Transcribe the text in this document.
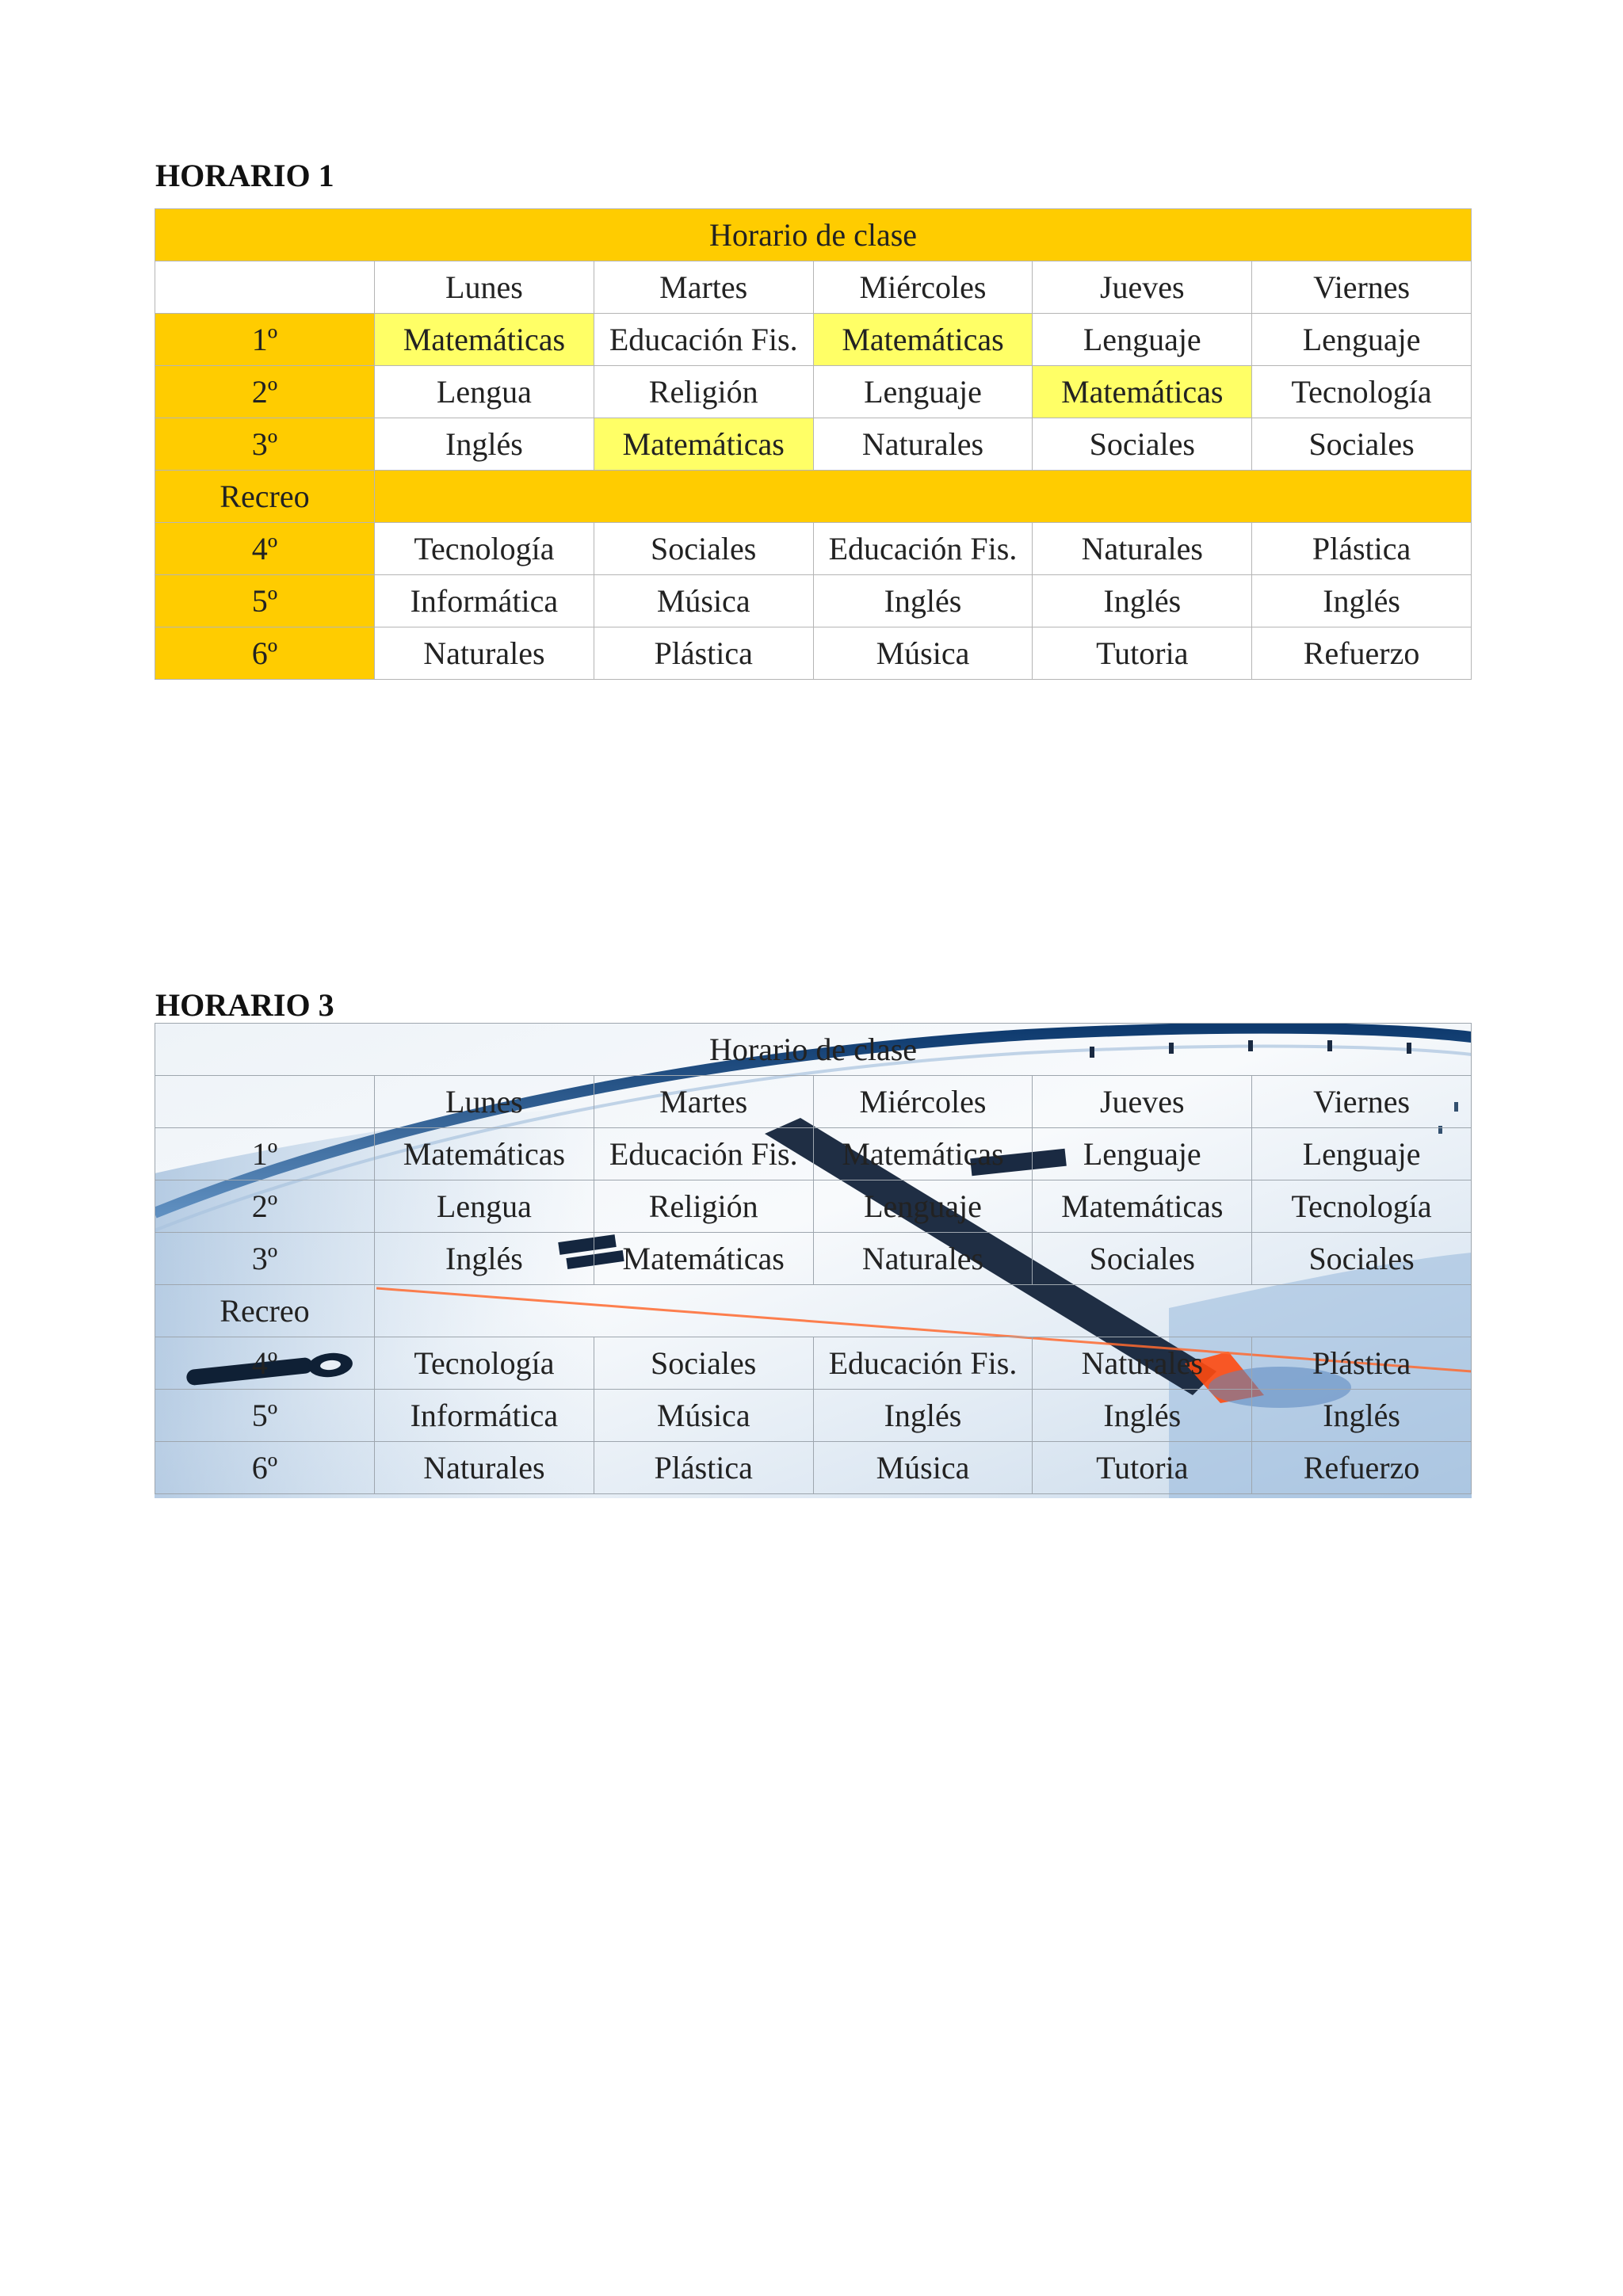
HORARIO 1
Horario de clase					
	Lunes	Martes	Miércoles	Jueves	Viernes
1º	Matemáticas	Educación Fis.	Matemáticas	Lenguaje	Lenguaje
2º	Lengua	Religión	Lenguaje	Matemáticas	Tecnología
3º	Inglés	Matemáticas	Naturales	Sociales	Sociales
Recreo					
4º	Tecnología	Sociales	Educación Fis.	Naturales	Plástica
5º	Informática	Música	Inglés	Inglés	Inglés
6º	Naturales	Plástica	Música	Tutoria	Refuerzo
HORARIO 3
Horario de clase					
	Lunes	Martes	Miércoles	Jueves	Viernes
1º	Matemáticas	Educación Fis.	Matemáticas	Lenguaje	Lenguaje
2º	Lengua	Religión	Lenguaje	Matemáticas	Tecnología
3º	Inglés	Matemáticas	Naturales	Sociales	Sociales
Recreo					
4º	Tecnología	Sociales	Educación Fis.	Naturales	Plástica
5º	Informática	Música	Inglés	Inglés	Inglés
6º	Naturales	Plástica	Música	Tutoria	Refuerzo
